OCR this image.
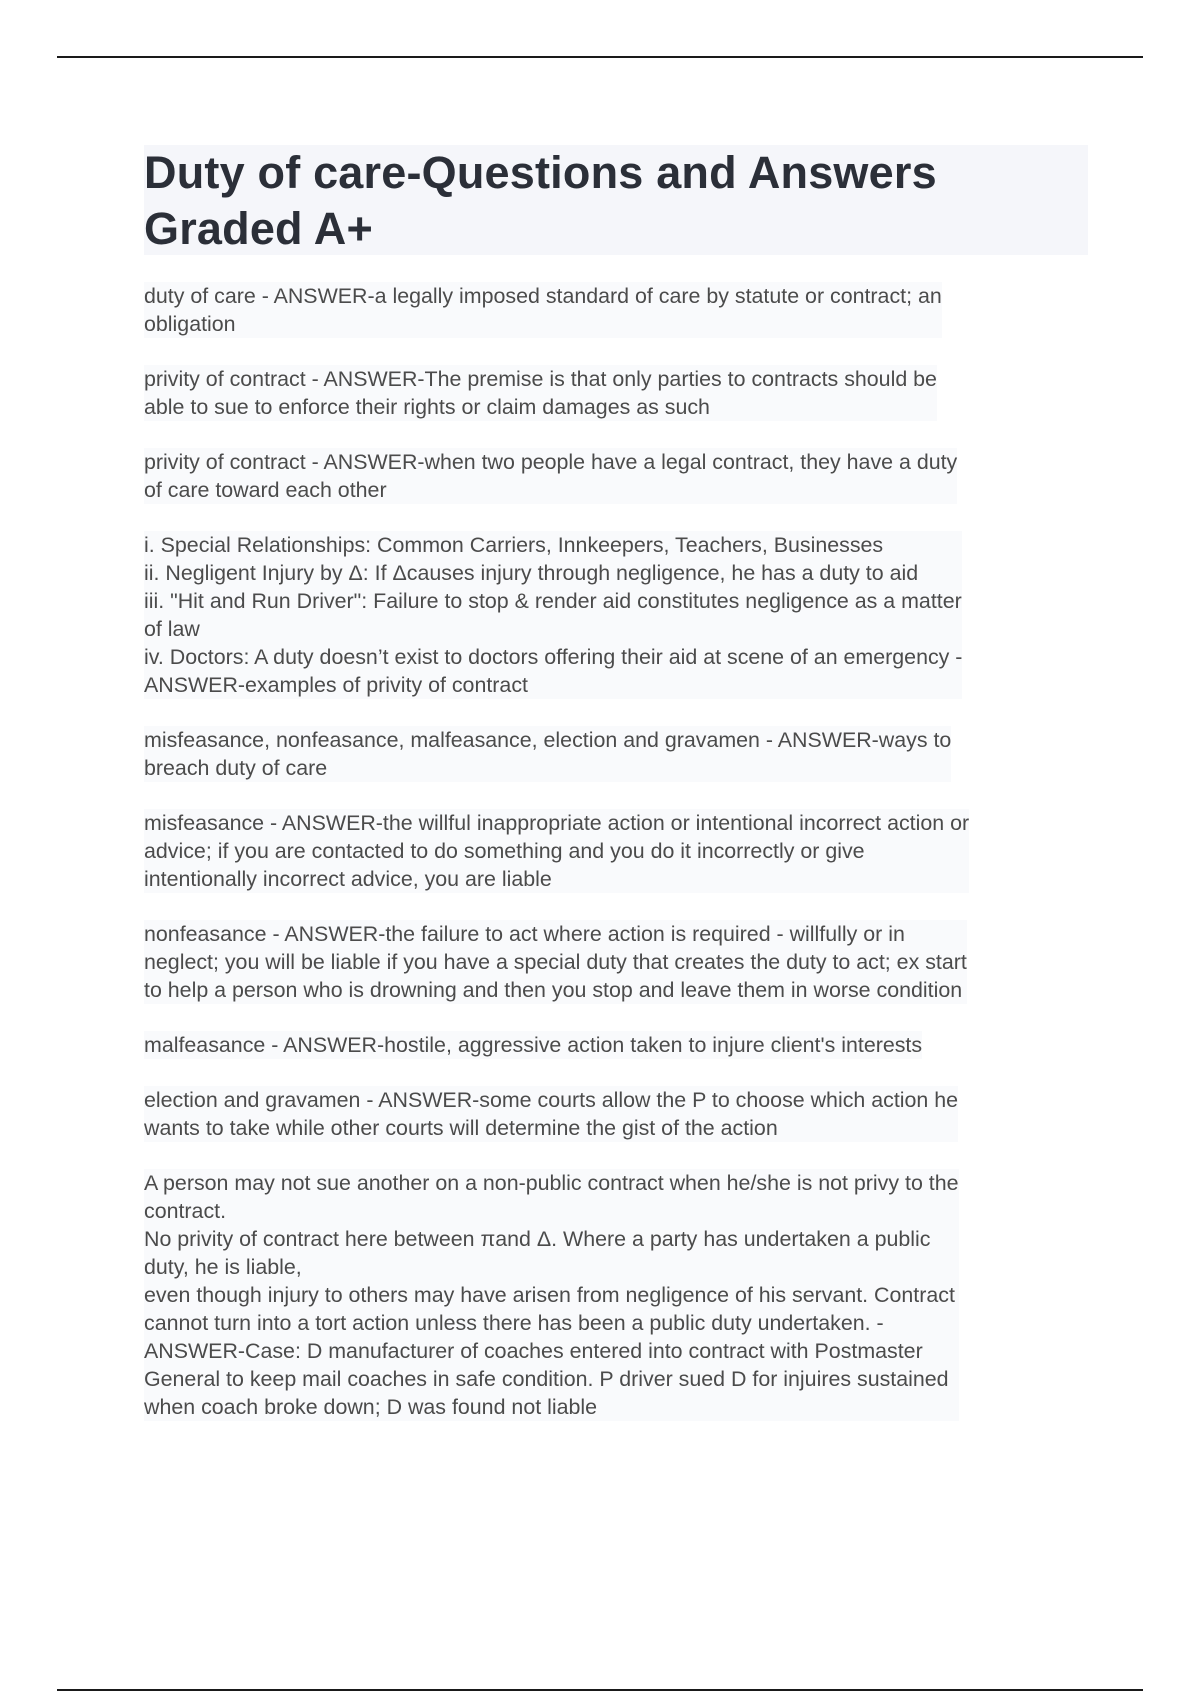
Duty of care-Questions and Answers
Graded A+

duty of care - ANSWER-a legally imposed standard of care by statute or contract; an
obligation

privity of contract - ANSWER-The premise is that only parties to contracts should be
able to sue to enforce their rights or claim damages as such

privity of contract - ANSWER-when two people have a legal contract, they have a duty
of care toward each other

i. Special Relationships: Common Carriers, Innkeepers, Teachers, Businesses
ii. Negligent Injury by Δ: If Δcauses injury through negligence, he has a duty to aid
iii. "Hit and Run Driver": Failure to stop & render aid constitutes negligence as a matter
of law
iv. Doctors: A duty doesn’t exist to doctors offering their aid at scene of an emergency -
ANSWER-examples of privity of contract

misfeasance, nonfeasance, malfeasance, election and gravamen - ANSWER-ways to
breach duty of care

misfeasance - ANSWER-the willful inappropriate action or intentional incorrect action or
advice; if you are contacted to do something and you do it incorrectly or give
intentionally incorrect advice, you are liable

nonfeasance - ANSWER-the failure to act where action is required - willfully or in
neglect; you will be liable if you have a special duty that creates the duty to act; ex start
to help a person who is drowning and then you stop and leave them in worse condition

malfeasance - ANSWER-hostile, aggressive action taken to injure client's interests

election and gravamen - ANSWER-some courts allow the P to choose which action he
wants to take while other courts will determine the gist of the action

A person may not sue another on a non-public contract when he/she is not privy to the
contract.
No privity of contract here between πand Δ. Where a party has undertaken a public
duty, he is liable,
even though injury to others may have arisen from negligence of his servant. Contract
cannot turn into a tort action unless there has been a public duty undertaken. -
ANSWER-Case: D manufacturer of coaches entered into contract with Postmaster
General to keep mail coaches in safe condition. P driver sued D for injuires sustained
when coach broke down; D was found not liable
